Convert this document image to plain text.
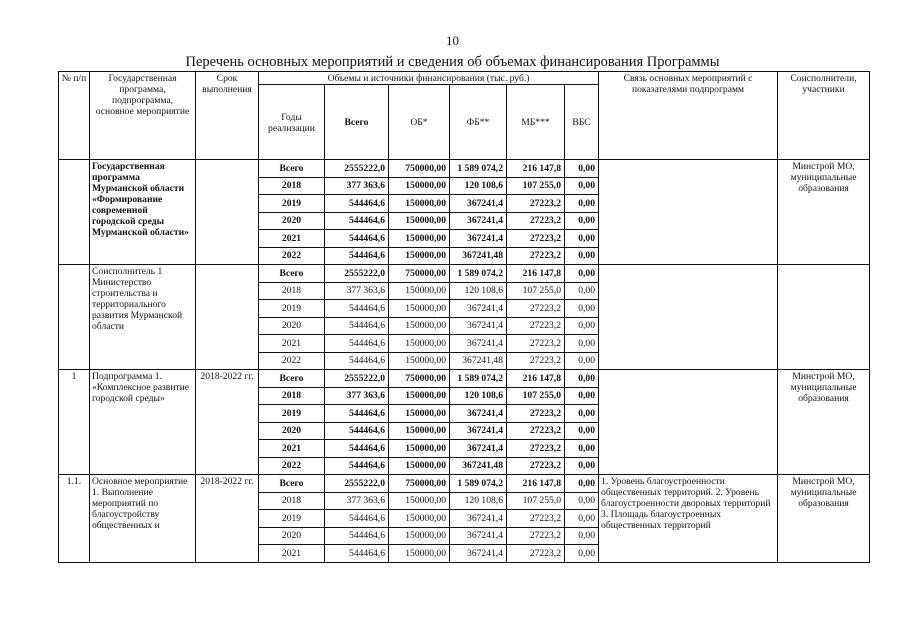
10
Перечень основных мероприятий и сведения об объемах финансирования Программы
№ п/п	Государственная программа, подпрограмма, основное мероприятие	Срок выполнения	Объемы и источники финансирования (тыс. руб.)						Связь основных мероприятий с показателями подпрограмм	Соисполнители, участники
			Годы реализации	Всего	ОБ*	ФБ**	МБ***	ВБС		
	Государственная программа Мурманской области «Формирование современной городской среды Мурманской области»		Всего	2555222,0	750000,00	1 589 074,2	216 147,8	0,00		Минстрой МО, муниципальные образования
			2018	377 363,6	150000,00	120 108,6	107 255,0	0,00		
			2019	544464,6	150000,00	367241,4	27223,2	0,00		
			2020	544464,6	150000,00	367241,4	27223,2	0,00		
			2021	544464,6	150000,00	367241,4	27223,2	0,00		
			2022	544464,6	150000,00	367241,48	27223,2	0,00		
	Соисполнитель 1 Министерство строительства и территориального развития Мурманской области		Всего	2555222,0	750000,00	1 589 074,2	216 147,8	0,00		
			2018	377 363,6	150000,00	120 108,6	107 255,0	0,00		
			2019	544464,6	150000,00	367241,4	27223,2	0,00		
			2020	544464,6	150000,00	367241,4	27223,2	0,00		
			2021	544464,6	150000,00	367241,4	27223,2	0,00		
			2022	544464,6	150000,00	367241,48	27223,2	0,00		
1	Подпрограмма 1. «Комплексное развитие городской среды»	2018-2022 гг.	Всего	2555222,0	750000,00	1 589 074,2	216 147,8	0,00		Минстрой МО, муниципальные образования
			2018	377 363,6	150000,00	120 108,6	107 255,0	0,00		
			2019	544464,6	150000,00	367241,4	27223,2	0,00		
			2020	544464,6	150000,00	367241,4	27223,2	0,00		
			2021	544464,6	150000,00	367241,4	27223,2	0,00		
			2022	544464,6	150000,00	367241,48	27223,2	0,00		
1.1.	Основное мероприятие 1. Выполнение мероприятий по благоустройству общественных и	2018-2022 гг.	Всего	2555222,0	750000,00	1 589 074,2	216 147,8	0,00	1. Уровень благоустроенности общественных территорий. 2. Уровень благоустроенности дворовых территорий 3. Площадь благоустроенных общественных территорий	Минстрой МО, муниципальные образования
			2018	377 363,6	150000,00	120 108,6	107 255,0	0,00		
			2019	544464,6	150000,00	367241,4	27223,2	0,00		
			2020	544464,6	150000,00	367241,4	27223,2	0,00		
			2021	544464,6	150000,00	367241,4	27223,2	0,00		
